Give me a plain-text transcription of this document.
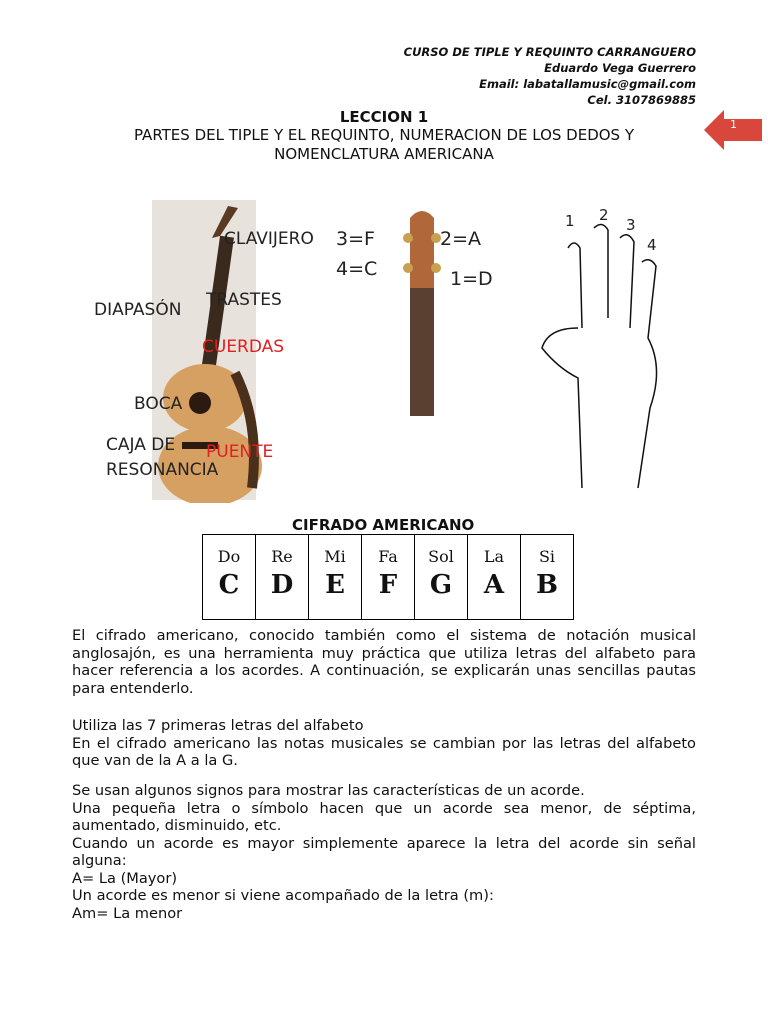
CURSO DE TIPLE Y REQUINTO CARRANGUERO
Eduardo Vega Guerrero
Email: labatallamusic@gmail.com
Cel. 3107869885
1
LECCION 1
PARTES DEL TIPLE Y EL REQUINTO, NUMERACION DE LOS DEDOS Y
NOMENCLATURA AMERICANA
CLAVIJERO
DIAPASÓN TRASTES
CUERDAS
BOCA
CAJA DE
RESONANCIA
PUENTE
3=F	2=A
4=C	1=D
1 2
3
4
CIFRADO AMERICANO
Do
C
Re
D
Mi
E
Fa
F
Sol
G
La
A
Si
B
El cifrado americano, conocido también como el sistema de notación musical anglosajón, es una herramienta muy práctica que utiliza letras del alfabeto para hacer referencia a los acordes. A continuación, se explicarán unas sencillas pautas para entenderlo.

Utiliza las 7 primeras letras del alfabeto

En el cifrado americano las notas musicales se cambian por las letras del alfabeto que van de la A a la G.

Se usan algunos signos para mostrar las características de un acorde.

Una pequeña letra o símbolo hacen que un acorde sea menor, de séptima, aumentado, disminuido, etc.

Cuando un acorde es mayor simplemente aparece la letra del acorde sin señal alguna:

A= La (Mayor)

Un acorde es menor si viene acompañado de la letra (m):

Am= La menor
